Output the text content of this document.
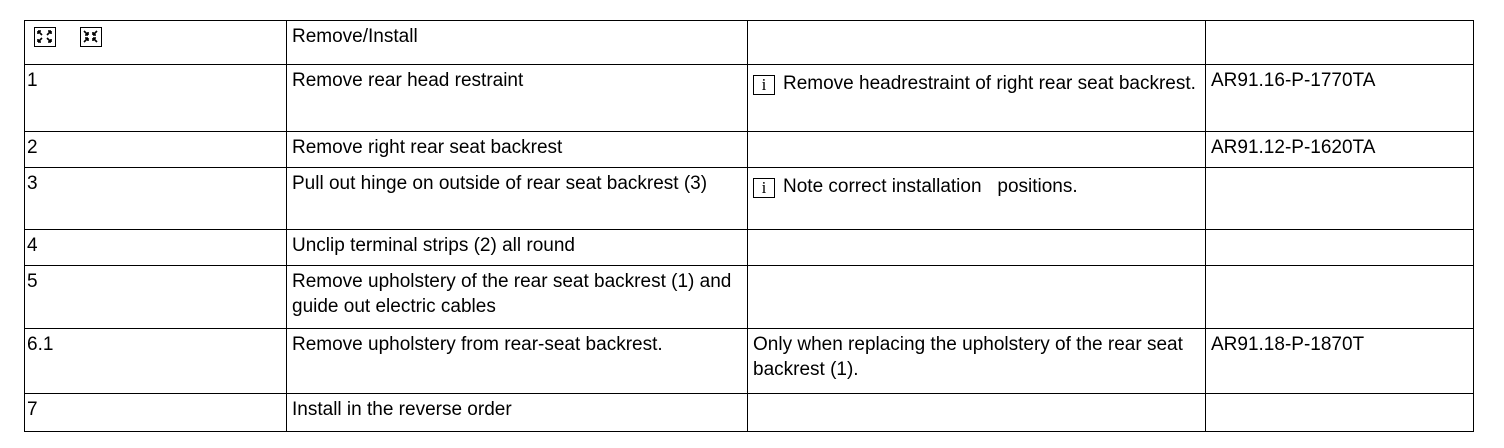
	Remove/Install		
1	Remove rear head restraint	i Remove headrestraint of right rear seat backrest.	AR91.16-P-1770TA
2	Remove right rear seat backrest		AR91.12-P-1620TA
3	Pull out hinge on outside of rear seat backrest (3)	i Note correct installation   positions.	
4	Unclip terminal strips (2) all round		
5	Remove upholstery of the rear seat backrest (1) and guide out electric cables		
6.1	Remove upholstery from rear-seat backrest.	Only when replacing the upholstery of the rear seat backrest (1).	AR91.18-P-1870T
7	Install in the reverse order		
